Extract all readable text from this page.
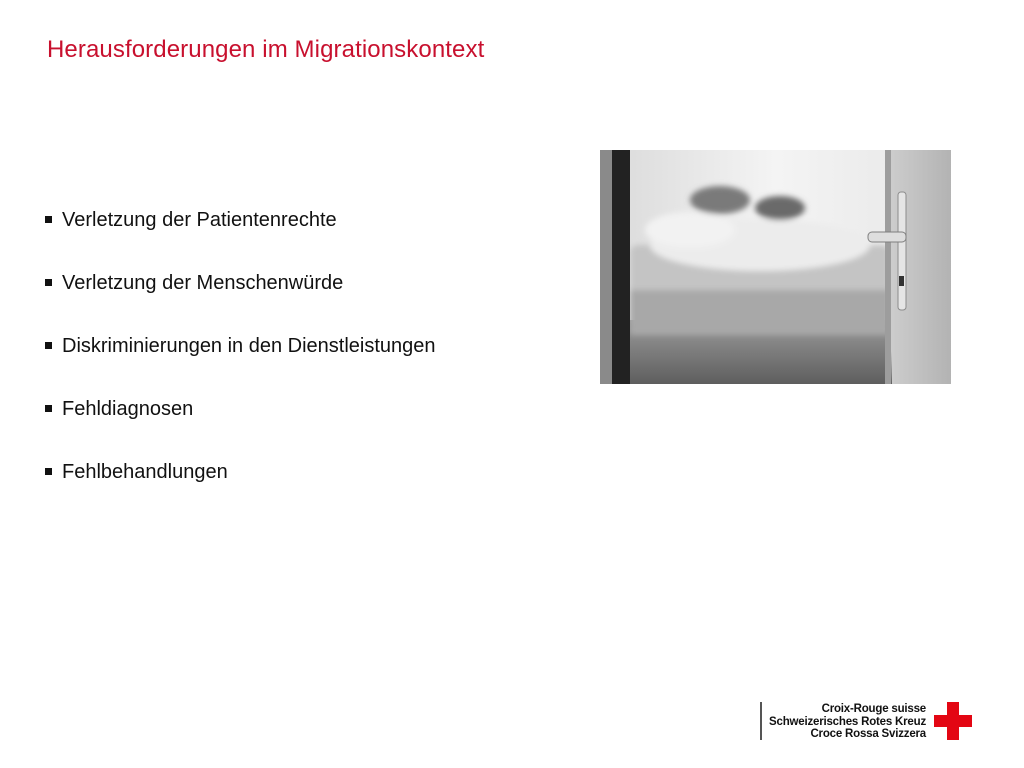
Herausforderungen im Migrationskontext
Verletzung der Patientenrechte
Verletzung der Menschenwürde
Diskriminierungen in den Dienstleistungen
Fehldiagnosen
Fehlbehandlungen
Croix-Rouge suisse
Schweizerisches Rotes Kreuz
Croce Rossa Svizzera
